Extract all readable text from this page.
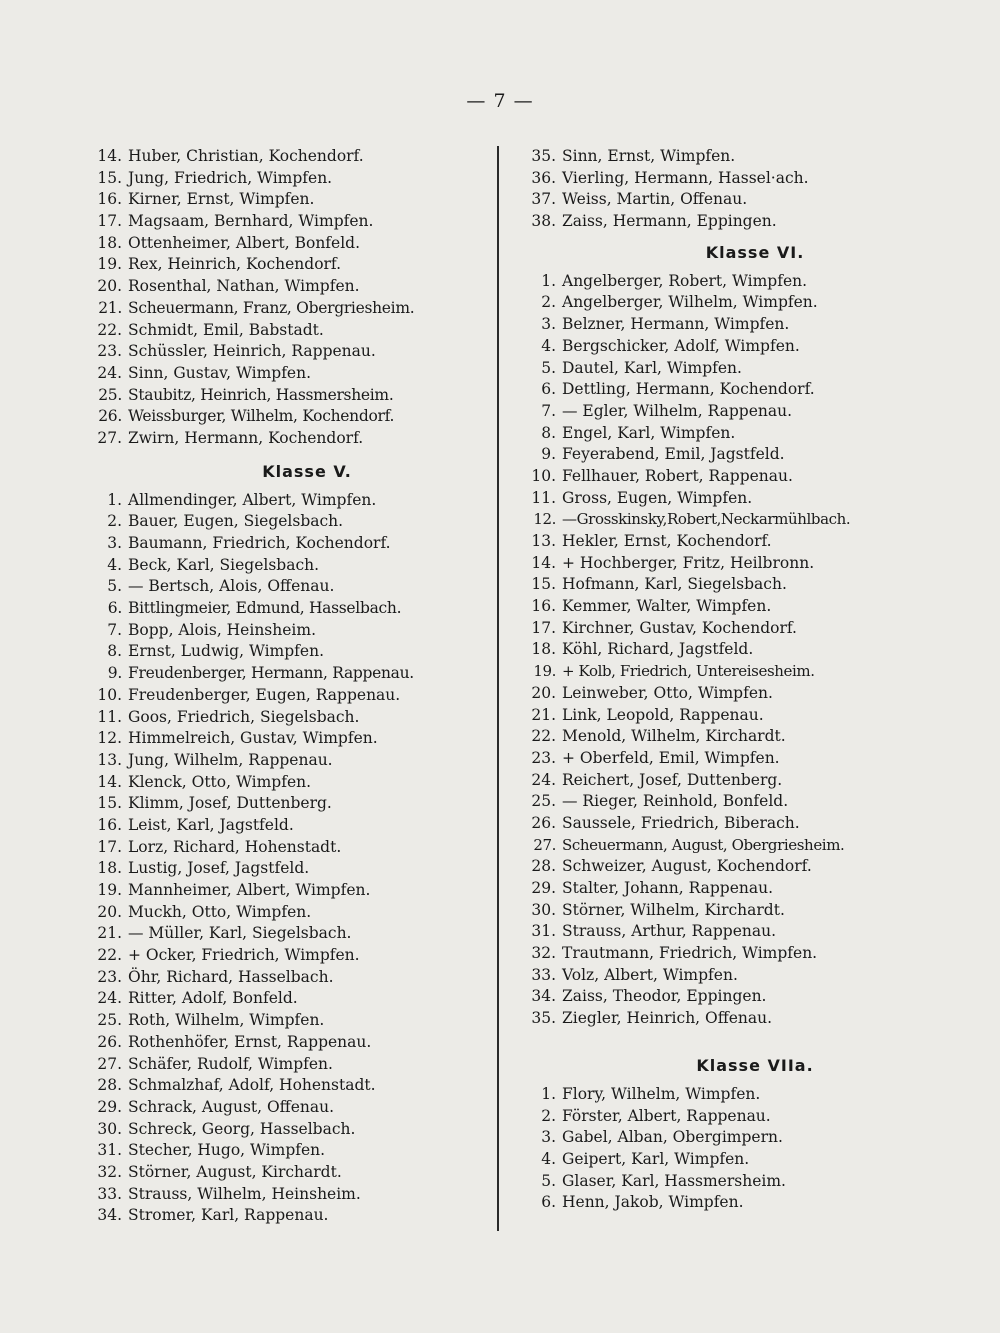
— 7 —
14. Huber, Christian, Kochendorf.
15. Jung, Friedrich, Wimpfen.
16. Kirner, Ernst, Wimpfen.
17. Magsaam, Bernhard, Wimpfen.
18. Ottenheimer, Albert, Bonfeld.
19. Rex, Heinrich, Kochendorf.
20. Rosenthal, Nathan, Wimpfen.
21. Scheuermann, Franz, Obergriesheim.
22. Schmidt, Emil, Babstadt.
23. Schüssler, Heinrich, Rappenau.
24. Sinn, Gustav, Wimpfen.
25. Staubitz, Heinrich, Hassmersheim.
26. Weissburger, Wilhelm, Kochendorf.
27. Zwirn, Hermann, Kochendorf.
Klasse V.
1. Allmendinger, Albert, Wimpfen.
2. Bauer, Eugen, Siegelsbach.
3. Baumann, Friedrich, Kochendorf.
4. Beck, Karl, Siegelsbach.
5. — Bertsch, Alois, Offenau.
6. Bittlingmeier, Edmund, Hasselbach.
7. Bopp, Alois, Heinsheim.
8. Ernst, Ludwig, Wimpfen.
9. Freudenberger, Hermann, Rappenau.
10. Freudenberger, Eugen, Rappenau.
11. Goos, Friedrich, Siegelsbach.
12. Himmelreich, Gustav, Wimpfen.
13. Jung, Wilhelm, Rappenau.
14. Klenck, Otto, Wimpfen.
15. Klimm, Josef, Duttenberg.
16. Leist, Karl, Jagstfeld.
17. Lorz, Richard, Hohenstadt.
18. Lustig, Josef, Jagstfeld.
19. Mannheimer, Albert, Wimpfen.
20. Muckh, Otto, Wimpfen.
21. — Müller, Karl, Siegelsbach.
22. + Ocker, Friedrich, Wimpfen.
23. Öhr, Richard, Hasselbach.
24. Ritter, Adolf, Bonfeld.
25. Roth, Wilhelm, Wimpfen.
26. Rothenhöfer, Ernst, Rappenau.
27. Schäfer, Rudolf, Wimpfen.
28. Schmalzhaf, Adolf, Hohenstadt.
29. Schrack, August, Offenau.
30. Schreck, Georg, Hasselbach.
31. Stecher, Hugo, Wimpfen.
32. Störner, August, Kirchardt.
33. Strauss, Wilhelm, Heinsheim.
34. Stromer, Karl, Rappenau.
35. Sinn, Ernst, Wimpfen.
36. Vierling, Hermann, Hassel·ach.
37. Weiss, Martin, Offenau.
38. Zaiss, Hermann, Eppingen.
Klasse VI.
1. Angelberger, Robert, Wimpfen.
2. Angelberger, Wilhelm, Wimpfen.
3. Belzner, Hermann, Wimpfen.
4. Bergschicker, Adolf, Wimpfen.
5. Dautel, Karl, Wimpfen.
6. Dettling, Hermann, Kochendorf.
7. — Egler, Wilhelm, Rappenau.
8. Engel, Karl, Wimpfen.
9. Feyerabend, Emil, Jagstfeld.
10. Fellhauer, Robert, Rappenau.
11. Gross, Eugen, Wimpfen.
12. —Grosskinsky,Robert,Neckarmühlbach.
13. Hekler, Ernst, Kochendorf.
14. + Hochberger, Fritz, Heilbronn.
15. Hofmann, Karl, Siegelsbach.
16. Kemmer, Walter, Wimpfen.
17. Kirchner, Gustav, Kochendorf.
18. Köhl, Richard, Jagstfeld.
19. + Kolb, Friedrich, Untereisesheim.
20. Leinweber, Otto, Wimpfen.
21. Link, Leopold, Rappenau.
22. Menold, Wilhelm, Kirchardt.
23. + Oberfeld, Emil, Wimpfen.
24. Reichert, Josef, Duttenberg.
25. — Rieger, Reinhold, Bonfeld.
26. Saussele, Friedrich, Biberach.
27. Scheuermann, August, Obergriesheim.
28. Schweizer, August, Kochendorf.
29. Stalter, Johann, Rappenau.
30. Störner, Wilhelm, Kirchardt.
31. Strauss, Arthur, Rappenau.
32. Trautmann, Friedrich, Wimpfen.
33. Volz, Albert, Wimpfen.
34. Zaiss, Theodor, Eppingen.
35. Ziegler, Heinrich, Offenau.
Klasse VIIa.
1. Flory, Wilhelm, Wimpfen.
2. Förster, Albert, Rappenau.
3. Gabel, Alban, Obergimpern.
4. Geipert, Karl, Wimpfen.
5. Glaser, Karl, Hassmersheim.
6. Henn, Jakob, Wimpfen.
